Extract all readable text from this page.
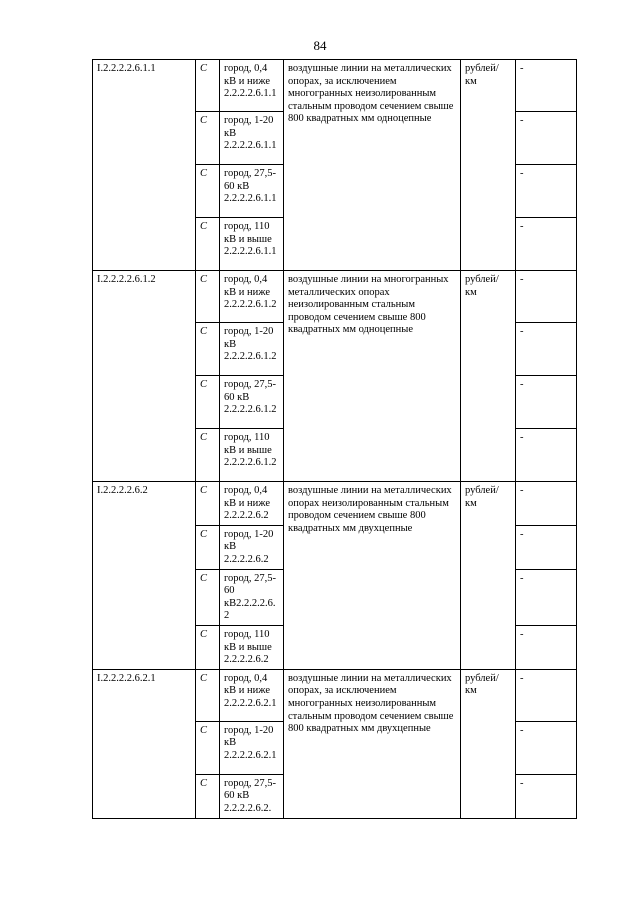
84
I.2.2.2.2.6.1.1	С	город, 0,4 кВ и ниже 2.2.2.2.6.1.1	воздушные линии на металлических опорах, за исключением многогранных неизолированным стальным проводом сечением свыше 800 квадратных мм одноцепные	рублей/ км	-
	С	город, 1-20 кВ 2.2.2.2.6.1.1			-
	С	город, 27,5-60 кВ 2.2.2.2.6.1.1			-
	С	город, 110 кВ и выше 2.2.2.2.6.1.1			-
I.2.2.2.2.6.1.2	С	город, 0,4 кВ и ниже 2.2.2.2.6.1.2	воздушные линии на многогранных металлических опорах неизолированным стальным проводом сечением свыше 800 квадратных мм одноцепные	рублей/ км	-
	С	город, 1-20 кВ 2.2.2.2.6.1.2			-
	С	город, 27,5-60 кВ 2.2.2.2.6.1.2			-
	С	город, 110 кВ и выше 2.2.2.2.6.1.2			-
I.2.2.2.2.6.2	С	город, 0,4 кВ и ниже 2.2.2.2.6.2	воздушные линии на металлических опорах неизолированным стальным проводом сечением свыше 800 квадратных мм двухцепные	рублей/ км	-
	С	город, 1-20 кВ 2.2.2.2.6.2			-
	С	город, 27,5-60 кВ2.2.2.2.6.2			-
	С	город, 110 кВ и выше 2.2.2.2.6.2			-
I.2.2.2.2.6.2.1	С	город, 0,4 кВ и ниже 2.2.2.2.6.2.1	воздушные линии на металлических опорах, за исключением многогранных неизолированным стальным проводом сечением свыше 800 квадратных мм двухцепные	рублей/ км	-
	С	город, 1-20 кВ 2.2.2.2.6.2.1			-
	С	город, 27,5-60 кВ 2.2.2.2.6.2.			-
